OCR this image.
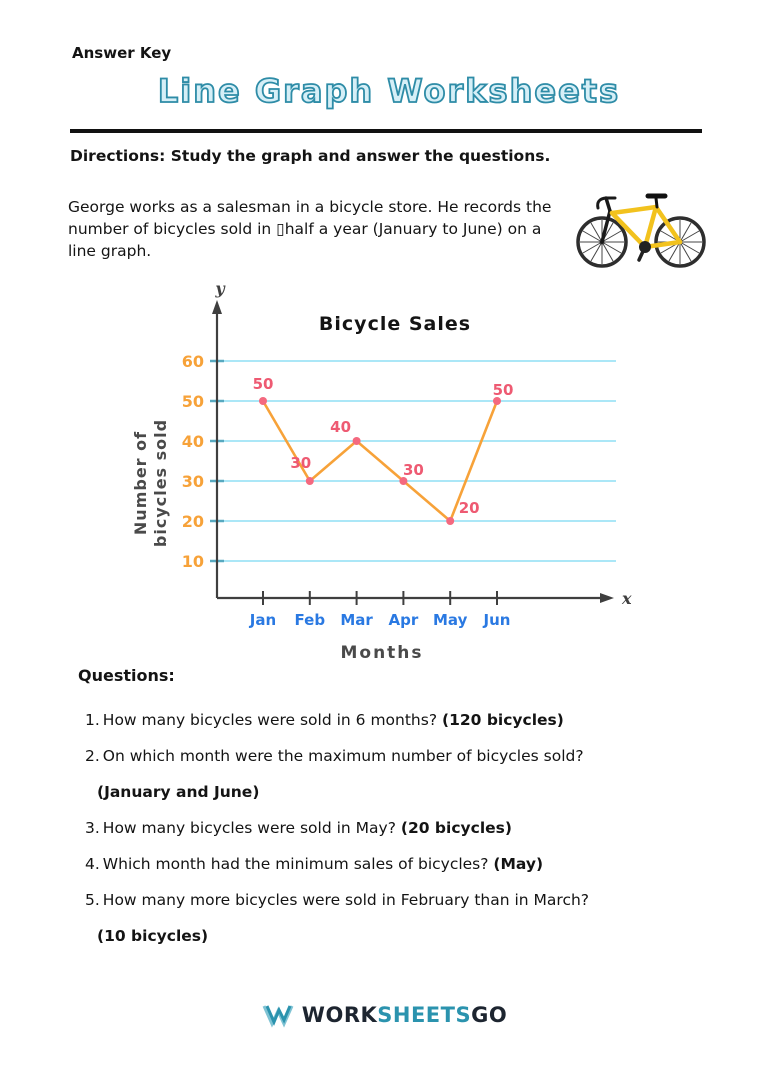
Answer Key
Line Graph Worksheets
Directions: Study the graph and answer the questions.
George works as a salesman in a bicycle store. He records the
number of bicycles sold in ▯half a year (January to June) on a
line graph.
10
20
30
40
50
60
Jan Feb Mar Apr May Jun
50
30
40
30
20
50
Bicycle Sales
Months
y
x
Number ofbicycles sold
Questions:
1. How many bicycles were sold in 6 months? (120 bicycles)
2. On which month were the maximum number of bicycles sold?
(January and June)
3. How many bicycles were sold in May? (20 bicycles)
4. Which month had the minimum sales of bicycles? (May)
5. How many more bicycles were sold in February than in March?
(10 bicycles)
WORKSHEETSGO
